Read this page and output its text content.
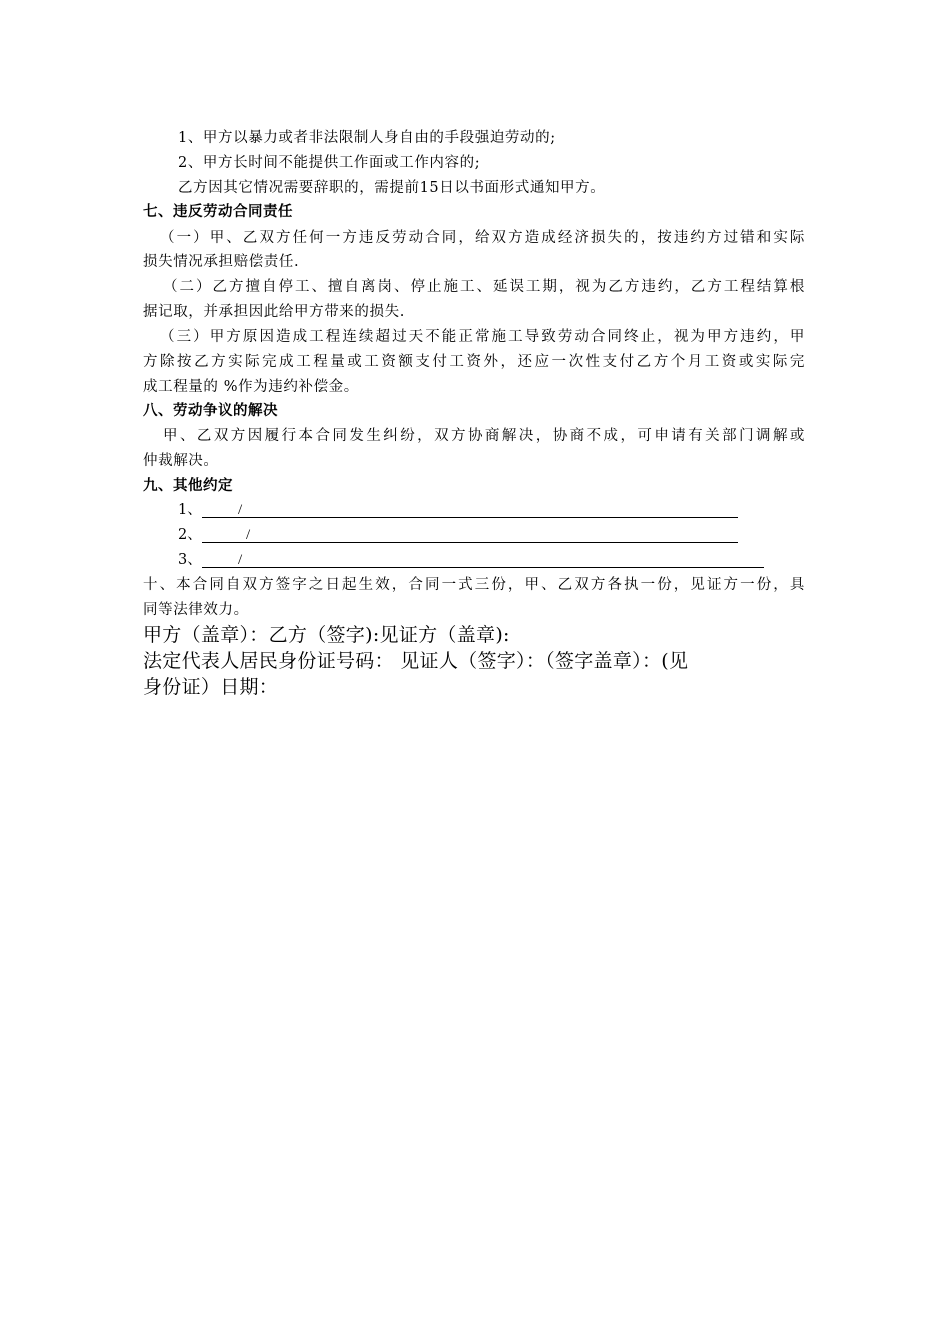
1、甲方以暴力或者非法限制人身自由的手段强迫劳动的;
2、甲方长时间不能提供工作面或工作内容的;
乙方因其它情况需要辞职的，需提前15日以书面形式通知甲方。
七、违反劳动合同责任
（一）甲、乙双方任何一方违反劳动合同，给双方造成经济损失的，按违约方过错和实际
损失情况承担赔偿责任.
（二）乙方擅自停工、擅自离岗、停止施工、延误工期，视为乙方违约，乙方工程结算根
据记取，并承担因此给甲方带来的损失.
（三）甲方原因造成工程连续超过天不能正常施工导致劳动合同终止，视为甲方违约，甲
方除按乙方实际完成工程量或工资额支付工资外，还应一次性支付乙方个月工资或实际完
成工程量的 %作为违约补偿金。
八、劳动争议的解决
甲、乙双方因履行本合同发生纠纷，双方协商解决，协商不成，可申请有关部门调解或
仲裁解决。
九、其他约定
1、 /
2、	/
3、 /
十、本合同自双方签字之日起生效，合同一式三份，甲、乙双方各执一份，见证方一份，具
同等法律效力。
甲方（盖章）：乙方（签字):见证方（盖章):
法定代表人居民身份证号码： 见证人（签字）：（签字盖章）：(见
身份证）日期：
